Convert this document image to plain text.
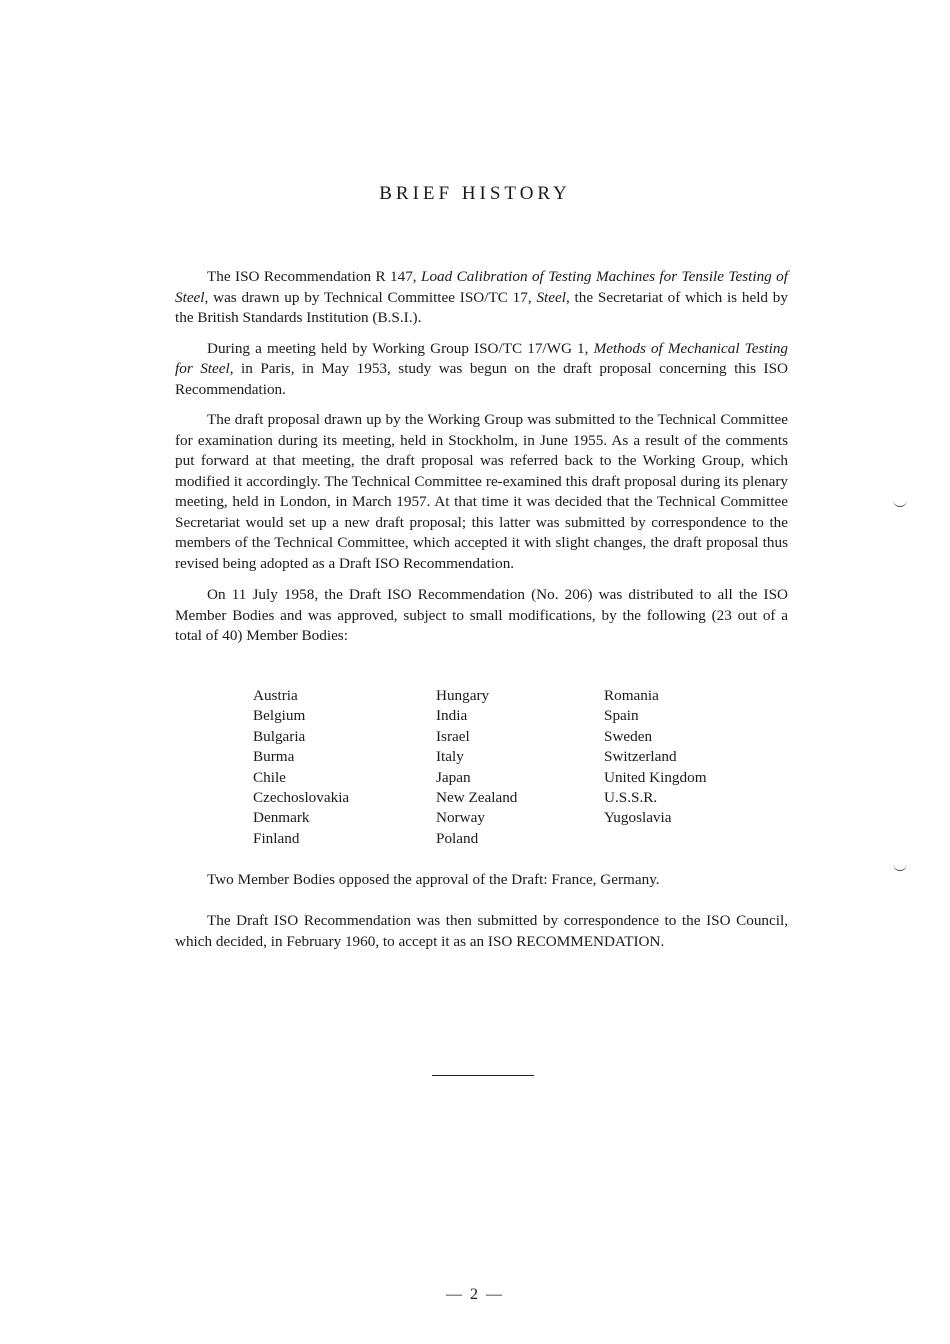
BRIEF HISTORY

The ISO Recommendation R 147, Load Calibration of Testing Machines for Tensile Testing of Steel, was drawn up by Technical Committee ISO/TC 17, Steel, the Secretariat of which is held by the British Standards Institution (B.S.I.).

During a meeting held by Working Group ISO/TC 17/WG 1, Methods of Mechanical Testing for Steel, in Paris, in May 1953, study was begun on the draft proposal concerning this ISO Recommendation.

The draft proposal drawn up by the Working Group was submitted to the Technical Committee for examination during its meeting, held in Stockholm, in June 1955. As a result of the comments put forward at that meeting, the draft proposal was referred back to the Working Group, which modified it accordingly. The Technical Committee re-examined this draft proposal during its plenary meeting, held in London, in March 1957. At that time it was decided that the Technical Committee Secretariat would set up a new draft proposal; this latter was submitted by correspondence to the members of the Technical Committee, which accepted it with slight changes, the draft proposal thus revised being adopted as a Draft ISO Recommendation.

On 11 July 1958, the Draft ISO Recommendation (No. 206) was distributed to all the ISO Member Bodies and was approved, subject to small modifications, by the following (23 out of a total of 40) Member Bodies:

Austria
Belgium
Bulgaria
Burma
Chile
Czechoslovakia
Denmark
Finland
Hungary
India
Israel
Italy
Japan
New Zealand
Norway
Poland
Romania
Spain
Sweden
Switzerland
United Kingdom
U.S.S.R.
Yugoslavia
Two Member Bodies opposed the approval of the Draft: France, Germany.
The Draft ISO Recommendation was then submitted by correspondence to the ISO Council, which decided, in February 1960, to accept it as an ISO RECOMMENDATION.
— 2 —
